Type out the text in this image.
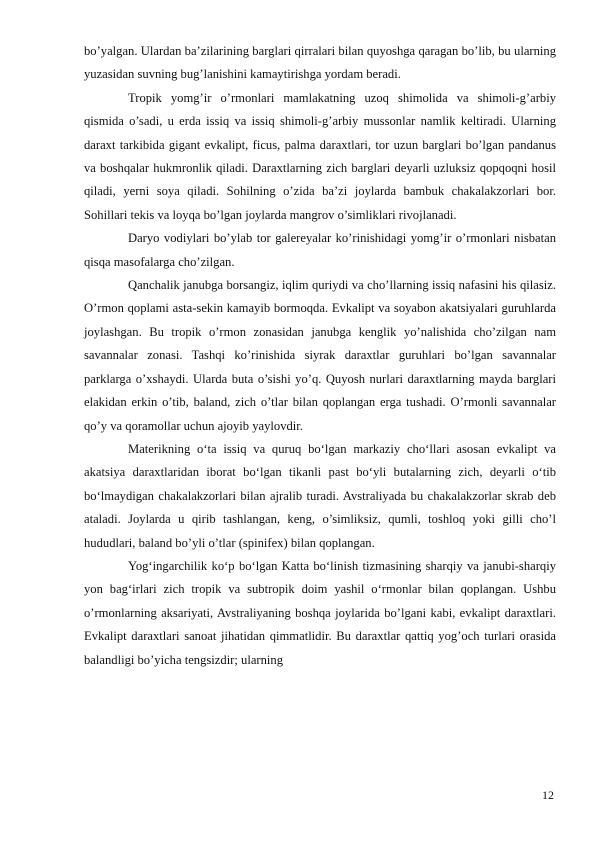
bo’yalgan. Ulardan ba’zilarining barglari qirralari bilan quyoshga qaragan bo’lib, bu ularning yuzasidan suvning bug’lanishini kamaytirishga yordam beradi.

Tropik yomg’ir o’rmonlari mamlakatning uzoq shimolida va shimoli-g’arbiy qismida o’sadi, u erda issiq va issiq shimoli-g’arbiy mussonlar namlik keltiradi. Ularning daraxt tarkibida gigant evkalipt, ficus, palma daraxtlari, tor uzun barglari bo’lgan pandanus va boshqalar hukmronlik qiladi. Daraxtlarning zich barglari deyarli uzluksiz qopqoqni hosil qiladi, yerni soya qiladi. Sohilning o’zida ba’zi joylarda bambuk chakalakzorlari bor. Sohillari tekis va loyqa bo’lgan joylarda mangrov o’simliklari rivojlanadi.

Daryo vodiylari bo’ylab tor galereyalar ko’rinishidagi yomg’ir o’rmonlari nisbatan qisqa masofalarga cho’zilgan.

Qanchalik janubga borsangiz, iqlim quriydi va cho’llarning issiq nafasini his qilasiz. O’rmon qoplami asta-sekin kamayib bormoqda. Evkalipt va soyabon akatsiyalari guruhlarda joylashgan. Bu tropik o’rmon zonasidan janubga kenglik yo’nalishida cho’zilgan nam savannalar zonasi. Tashqi ko’rinishida siyrak daraxtlar guruhlari bo’lgan savannalar parklarga o’xshaydi. Ularda buta o’sishi yo’q. Quyosh nurlari daraxtlarning mayda barglari elakidan erkin o’tib, baland, zich o’tlar bilan qoplangan erga tushadi. O’rmonli savannalar qo’y va qoramollar uchun ajoyib yaylovdir.

Materikning o‘ta issiq va quruq bo‘lgan markaziy cho‘llari asosan evkalipt va akatsiya daraxtlaridan iborat bo‘lgan tikanli past bo‘yli butalarning zich, deyarli o‘tib bo‘lmaydigan chakalakzorlari bilan ajralib turadi. Avstraliyada bu chakalakzorlar skrab deb ataladi. Joylarda u qirib tashlangan, keng, o’simliksiz, qumli, toshloq yoki gilli cho’l hududlari, baland bo’yli o’tlar (spinifex) bilan qoplangan.

Yog‘ingarchilik ko‘p bo‘lgan Katta bo‘linish tizmasining sharqiy va janubi-sharqiy yon bag‘irlari zich tropik va subtropik doim yashil o‘rmonlar bilan qoplangan. Ushbu o’rmonlarning aksariyati, Avstraliyaning boshqa joylarida bo’lgani kabi, evkalipt daraxtlari. Evkalipt daraxtlari sanoat jihatidan qimmatlidir. Bu daraxtlar qattiq yog’och turlari orasida balandligi bo’yicha tengsizdir; ularning

12
